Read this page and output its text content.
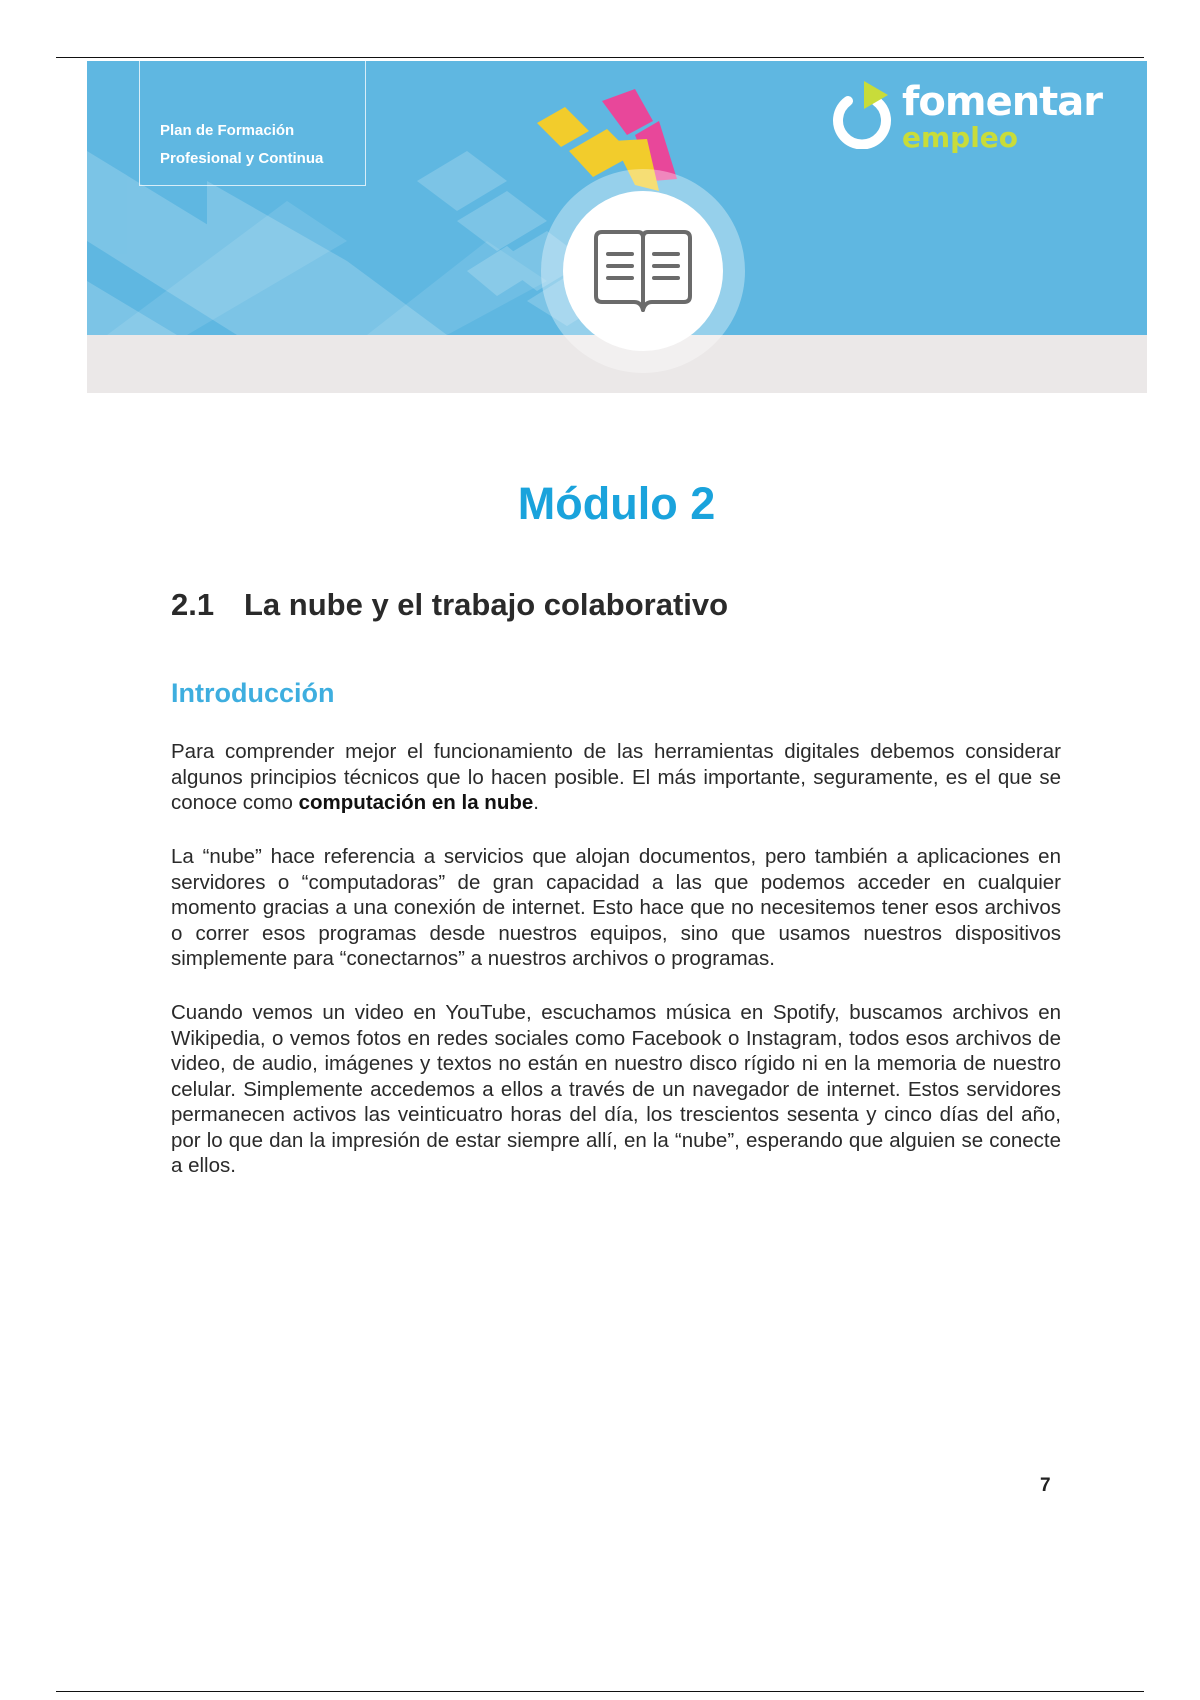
Plan de Formación
Profesional y Continua

fomentar
empleo
Módulo 2
2.1 La nube y el trabajo colaborativo
Introducción

Para comprender mejor el funcionamiento de las herramientas digitales debemos considerar algunos principios técnicos que lo hacen posible. El más importante, seguramente, es el que se conoce como computación en la nube.

La “nube” hace referencia a servicios que alojan documentos, pero también a aplicaciones en servidores o “computadoras” de gran capacidad a las que podemos acceder en cualquier momento gracias a una conexión de internet. Esto hace que no necesitemos tener esos archivos o correr esos programas desde nuestros equipos, sino que usamos nuestros dispositivos simplemente para “conectarnos” a nuestros archivos o programas.

Cuando vemos un video en YouTube, escuchamos música en Spotify, buscamos archivos en Wikipedia, o vemos fotos en redes sociales como Facebook o Instagram, todos esos archivos de video, de audio, imágenes y textos no están en nuestro disco rígido ni en la memoria de nuestro celular. Simplemente accedemos a ellos a través de un navegador de internet. Estos servidores permanecen activos las veinticuatro horas del día, los trescientos sesenta y cinco días del año, por lo que dan la impresión de estar siempre allí, en la “nube”, esperando que alguien se conecte a ellos.

7
